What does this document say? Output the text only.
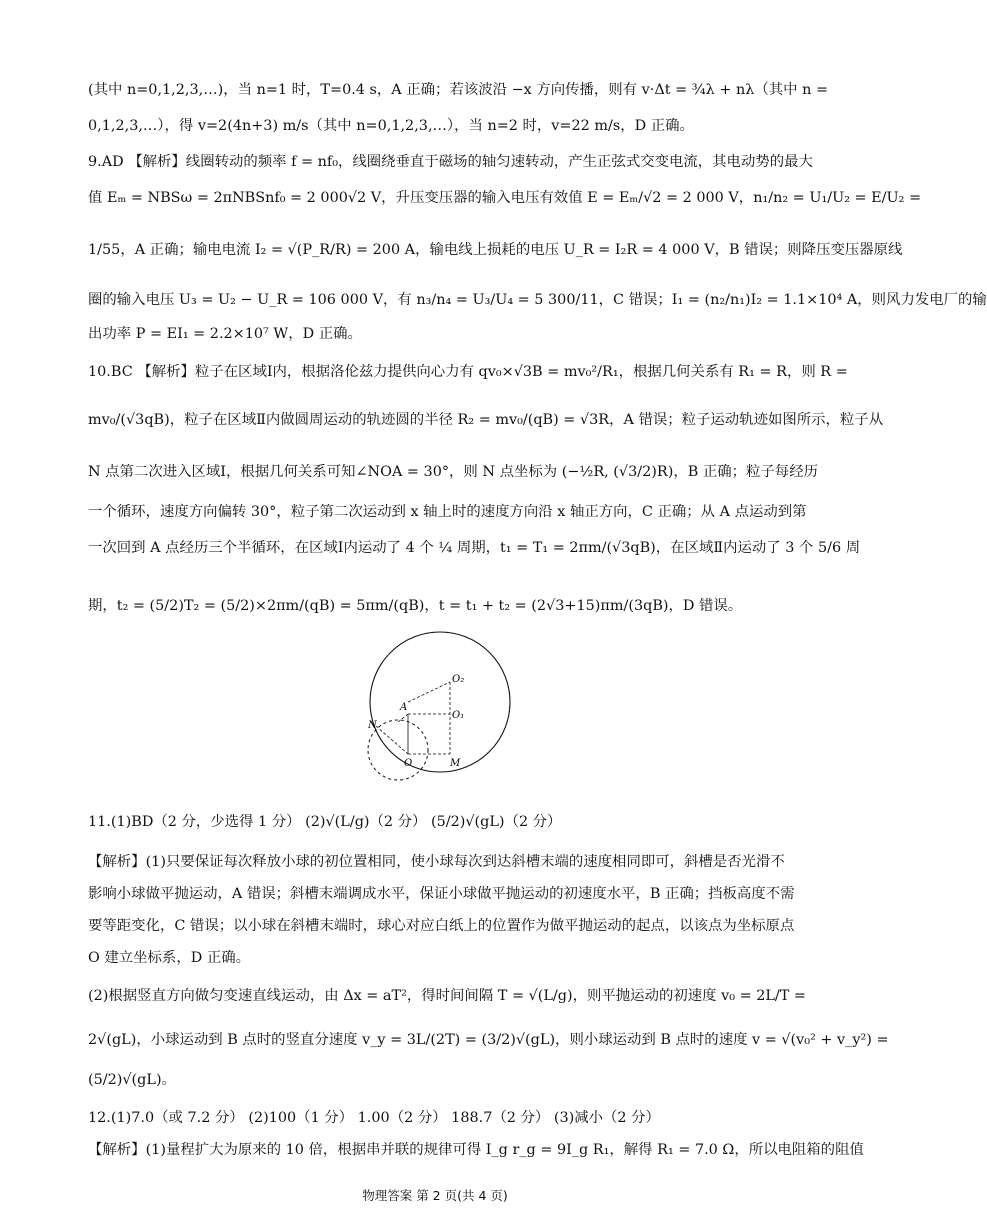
(其中 n=0,1,2,3,…)，当 n=1 时，T=0.4 s，A 正确；若该波沿 −x 方向传播，则有 v·Δt = ¾λ + nλ（其中 n =
0,1,2,3,…），得 v=2(4n+3) m/s（其中 n=0,1,2,3,…），当 n=2 时，v=22 m/s，D 正确。
9.AD 【解析】线圈转动的频率 f = nf₀，线圈绕垂直于磁场的轴匀速转动，产生正弦式交变电流，其电动势的最大
值 Eₘ = NBSω = 2πNBSnf₀ = 2 000√2 V，升压变压器的输入电压有效值 E = Eₘ/√2 = 2 000 V，n₁/n₂ = U₁/U₂ = E/U₂ =
1/55，A 正确；输电电流 I₂ = √(P_R/R) = 200 A，输电线上损耗的电压 U_R = I₂R = 4 000 V，B 错误；则降压变压器原线
圈的输入电压 U₃ = U₂ − U_R = 106 000 V，有 n₃/n₄ = U₃/U₄ = 5 300/11，C 错误；I₁ = (n₂/n₁)I₂ = 1.1×10⁴ A，则风力发电厂的输
出功率 P = EI₁ = 2.2×10⁷ W，D 正确。
10.BC 【解析】粒子在区域Ⅰ内，根据洛伦兹力提供向心力有 qv₀×√3B = mv₀²/R₁，根据几何关系有 R₁ = R，则 R =
mv₀/(√3qB)，粒子在区域Ⅱ内做圆周运动的轨迹圆的半径 R₂ = mv₀/(qB) = √3R，A 错误；粒子运动轨迹如图所示，粒子从
N 点第二次进入区域Ⅰ，根据几何关系可知∠NOA = 30°，则 N 点坐标为 (−½R, (√3/2)R)，B 正确；粒子每经历
一个循环，速度方向偏转 30°，粒子第二次运动到 x 轴上时的速度方向沿 x 轴正方向，C 正确；从 A 点运动到第
一次回到 A 点经历三个半循环，在区域Ⅰ内运动了 4 个 ¼ 周期，t₁ = T₁ = 2πm/(√3qB)，在区域Ⅱ内运动了 3 个 5/6 周
期，t₂ = (5/2)T₂ = (5/2)×2πm/(qB) = 5πm/(qB)，t = t₁ + t₂ = (2√3+15)πm/(3qB)，D 错误。
O₂
A
O₁
N
O	M
11.(1)BD（2 分，少选得 1 分） (2)√(L/g)（2 分） (5/2)√(gL)（2 分）
【解析】(1)只要保证每次释放小球的初位置相同，使小球每次到达斜槽末端的速度相同即可，斜槽是否光滑不
影响小球做平抛运动，A 错误；斜槽末端调成水平，保证小球做平抛运动的初速度水平，B 正确；挡板高度不需
要等距变化，C 错误；以小球在斜槽末端时，球心对应白纸上的位置作为做平抛运动的起点，以该点为坐标原点
O 建立坐标系，D 正确。
(2)根据竖直方向做匀变速直线运动，由 Δx = aT²，得时间间隔 T = √(L/g)，则平抛运动的初速度 v₀ = 2L/T =
2√(gL)，小球运动到 B 点时的竖直分速度 v_y = 3L/(2T) = (3/2)√(gL)，则小球运动到 B 点时的速度 v = √(v₀² + v_y²) =
(5/2)√(gL)。
12.(1)7.0（或 7.2 分） (2)100（1 分） 1.00（2 分） 188.7（2 分） (3)减小（2 分）
【解析】(1)量程扩大为原来的 10 倍，根据串并联的规律可得 I_g r_g = 9I_g R₁，解得 R₁ = 7.0 Ω，所以电阻箱的阻值
物理答案 第 2 页(共 4 页)
